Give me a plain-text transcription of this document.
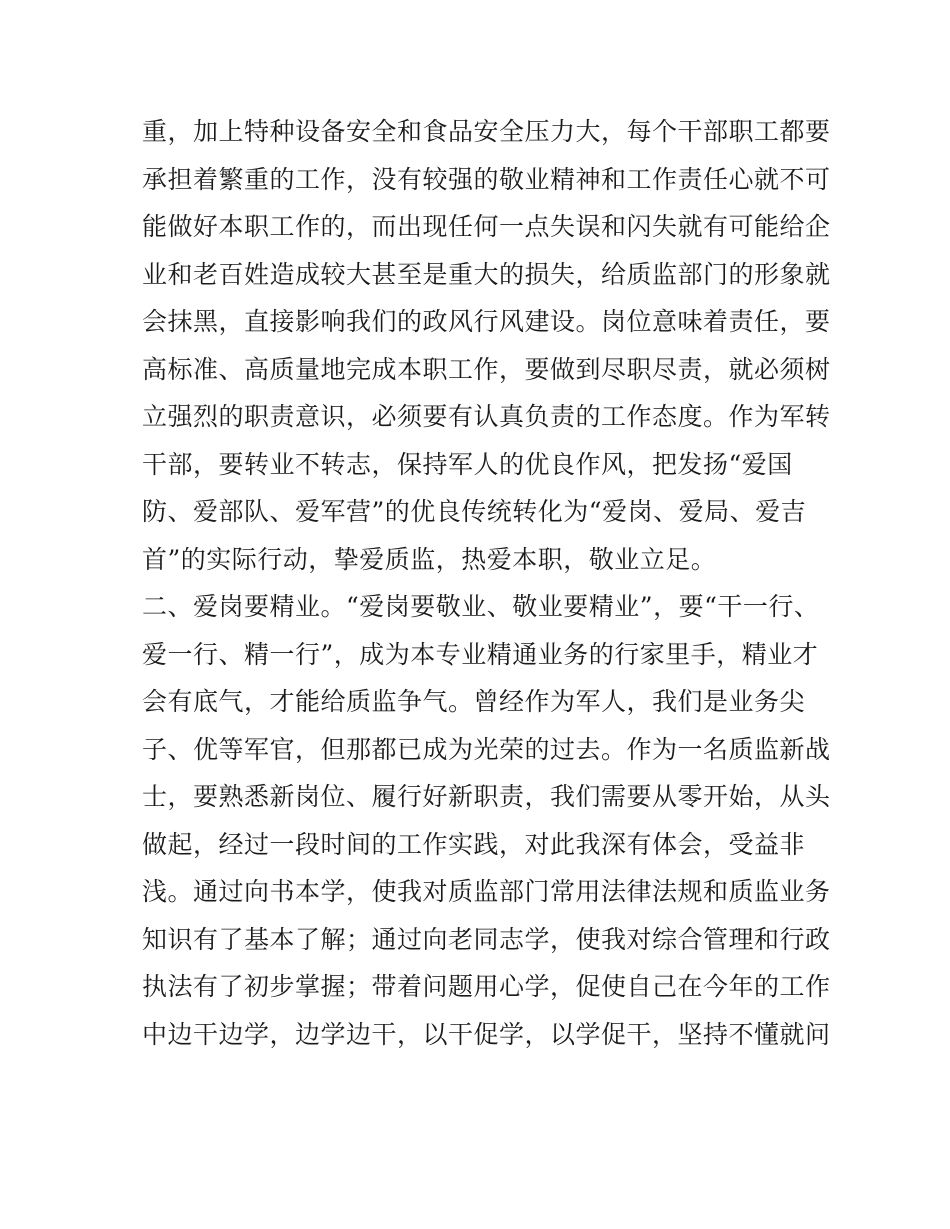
重，加上特种设备安全和食品安全压力大，每个干部职工都要
承担着繁重的工作，没有较强的敬业精神和工作责任心就不可
能做好本职工作的，而出现任何一点失误和闪失就有可能给企
业和老百姓造成较大甚至是重大的损失，给质监部门的形象就
会抹黑，直接影响我们的政风行风建设。岗位意味着责任，要
高标准、高质量地完成本职工作，要做到尽职尽责，就必须树
立强烈的职责意识，必须要有认真负责的工作态度。作为军转
干部，要转业不转志，保持军人的优良作风，把发扬“爱国
防、爱部队、爱军营”的优良传统转化为“爱岗、爱局、爱吉
首”的实际行动，挚爱质监，热爱本职，敬业立足。
二、爱岗要精业。“爱岗要敬业、敬业要精业”，要“干一行、
爱一行、精一行”，成为本专业精通业务的行家里手，精业才
会有底气，才能给质监争气。曾经作为军人，我们是业务尖
子、优等军官，但那都已成为光荣的过去。作为一名质监新战
士，要熟悉新岗位、履行好新职责，我们需要从零开始，从头
做起，经过一段时间的工作实践，对此我深有体会，受益非
浅。通过向书本学，使我对质监部门常用法律法规和质监业务
知识有了基本了解；通过向老同志学，使我对综合管理和行政
执法有了初步掌握；带着问题用心学，促使自己在今年的工作
中边干边学，边学边干，以干促学，以学促干，坚持不懂就问
